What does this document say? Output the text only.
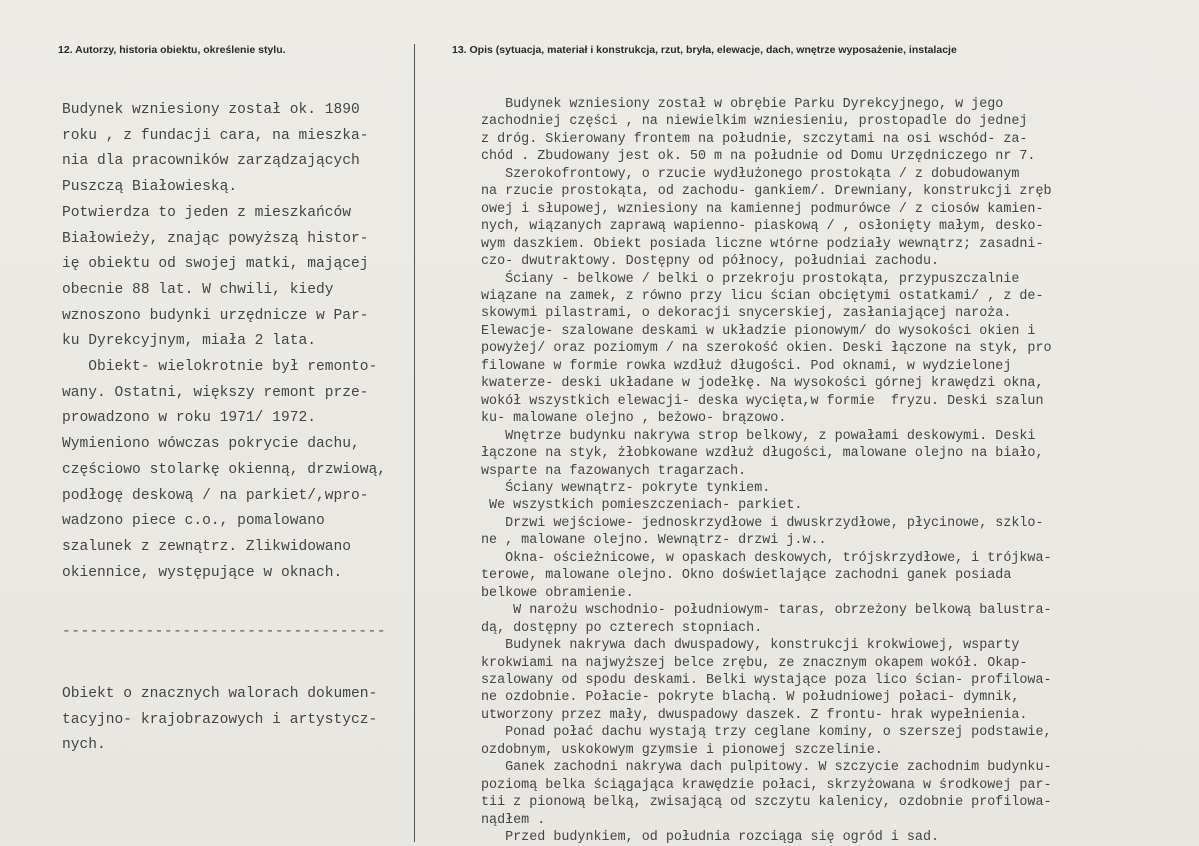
12. Autorzy, historia obiektu, określenie stylu.	13. Opis (sytuacja, materiał i konstrukcja, rzut, bryła, elewacje, dach, wnętrze wyposażenie, instalacje
Budynek wzniesiony został ok. 1890
roku , z fundacji cara, na mieszka-
nia dla pracowników zarządzających
Puszczą Białowieską.
Potwierdza to jeden z mieszkańców
Białowieży, znając powyższą histor-
ię obiektu od swojej matki, mającej
obecnie 88 lat. W chwili, kiedy
wznoszono budynki urzędnicze w Par-
ku Dyrekcyjnym, miała 2 lata.
Obiekt- wielokrotnie był remonto-
wany. Ostatni, większy remont prze-
prowadzono w roku 1971/ 1972.
Wymieniono wówczas pokrycie dachu,
częściowo stolarkę okienną, drzwiową,
podłogę deskową / na parkiet/,wpro-
wadzono piece c.o., pomalowano
szalunek z zewnątrz. Zlikwidowano
okiennice, występujące w oknach.
-----------------------------------
Obiekt o znacznych walorach dokumen-
tacyjno- krajobrazowych i artystycz-
nych.
Budynek wzniesiony został w obrębie Parku Dyrekcyjnego, w jego
zachodniej części , na niewielkim wzniesieniu, prostopadle do jednej
z dróg. Skierowany frontem na południe, szczytami na osi wschód- za-
chód . Zbudowany jest ok. 50 m na południe od Domu Urzędniczego nr 7.
Szerokofrontowy, o rzucie wydłużonego prostokąta / z dobudowanym
na rzucie prostokąta, od zachodu- gankiem/. Drewniany, konstrukcji zręb
owej i słupowej, wzniesiony na kamiennej podmurówce / z ciosów kamien-
nych, wiązanych zaprawą wapienno- piaskową / , osłonięty małym, desko-
wym daszkiem. Obiekt posiada liczne wtórne podziały wewnątrz; zasadni-
czo- dwutraktowy. Dostępny od północy, południai zachodu.
Ściany - belkowe / belki o przekroju prostokąta, przypuszczalnie
wiązane na zamek, z równo przy licu ścian obciętymi ostatkami/ , z de-
skowymi pilastrami, o dekoracji snycerskiej, zasłaniającej naroża.
Elewacje- szalowane deskami w układzie pionowym/ do wysokości okien i
powyżej/ oraz poziomym / na szerokość okien. Deski łączone na styk, pro
filowane w formie rowka wzdłuż długości. Pod oknami, w wydzielonej
kwaterze- deski układane w jodełkę. Na wysokości górnej krawędzi okna,
wokół wszystkich elewacji- deska wycięta,w formie  fryzu. Deski szalun
ku- malowane olejno , beżowo- brązowo.
Wnętrze budynku nakrywa strop belkowy, z powałami deskowymi. Deski
łączone na styk, żłobkowane wzdłuż długości, malowane olejno na biało,
wsparte na fazowanych tragarzach.
Ściany wewnątrz- pokryte tynkiem.
We wszystkich pomieszczeniach- parkiet.
Drzwi wejściowe- jednoskrzydłowe i dwuskrzydłowe, płycinowe, szklo-
ne , malowane olejno. Wewnątrz- drzwi j.w..
Okna- ościeżnicowe, w opaskach deskowych, trójskrzydłowe, i trójkwa-
terowe, malowane olejno. Okno doświetlające zachodni ganek posiada
belkowe obramienie.
W narożu wschodnio- południowym- taras, obrzeżony belkową balustra-
dą, dostępny po czterech stopniach.
Budynek nakrywa dach dwuspadowy, konstrukcji krokwiowej, wsparty
krokwiami na najwyższej belce zrębu, ze znacznym okapem wokół. Okap-
szalowany od spodu deskami. Belki wystające poza lico ścian- profilowa-
ne ozdobnie. Połacie- pokryte blachą. W południowej połaci- dymnik,
utworzony przez mały, dwuspadowy daszek. Z frontu- hrak wypełnienia.
Ponad połać dachu wystają trzy ceglane kominy, o szerszej podstawie,
ozdobnym, uskokowym gzymsie i pionowej szczelinie.
Ganek zachodni nakrywa dach pulpitowy. W szczycie zachodnim budynku-
poziomą belka ściągająca krawędzie połaci, skrzyżowana w środkowej par-
tii z pionową belką, zwisającą od szczytu kalenicy, ozdobnie profilowa-
nądłem .
Przed budynkiem, od południa rozciąga się ogród i sad.
